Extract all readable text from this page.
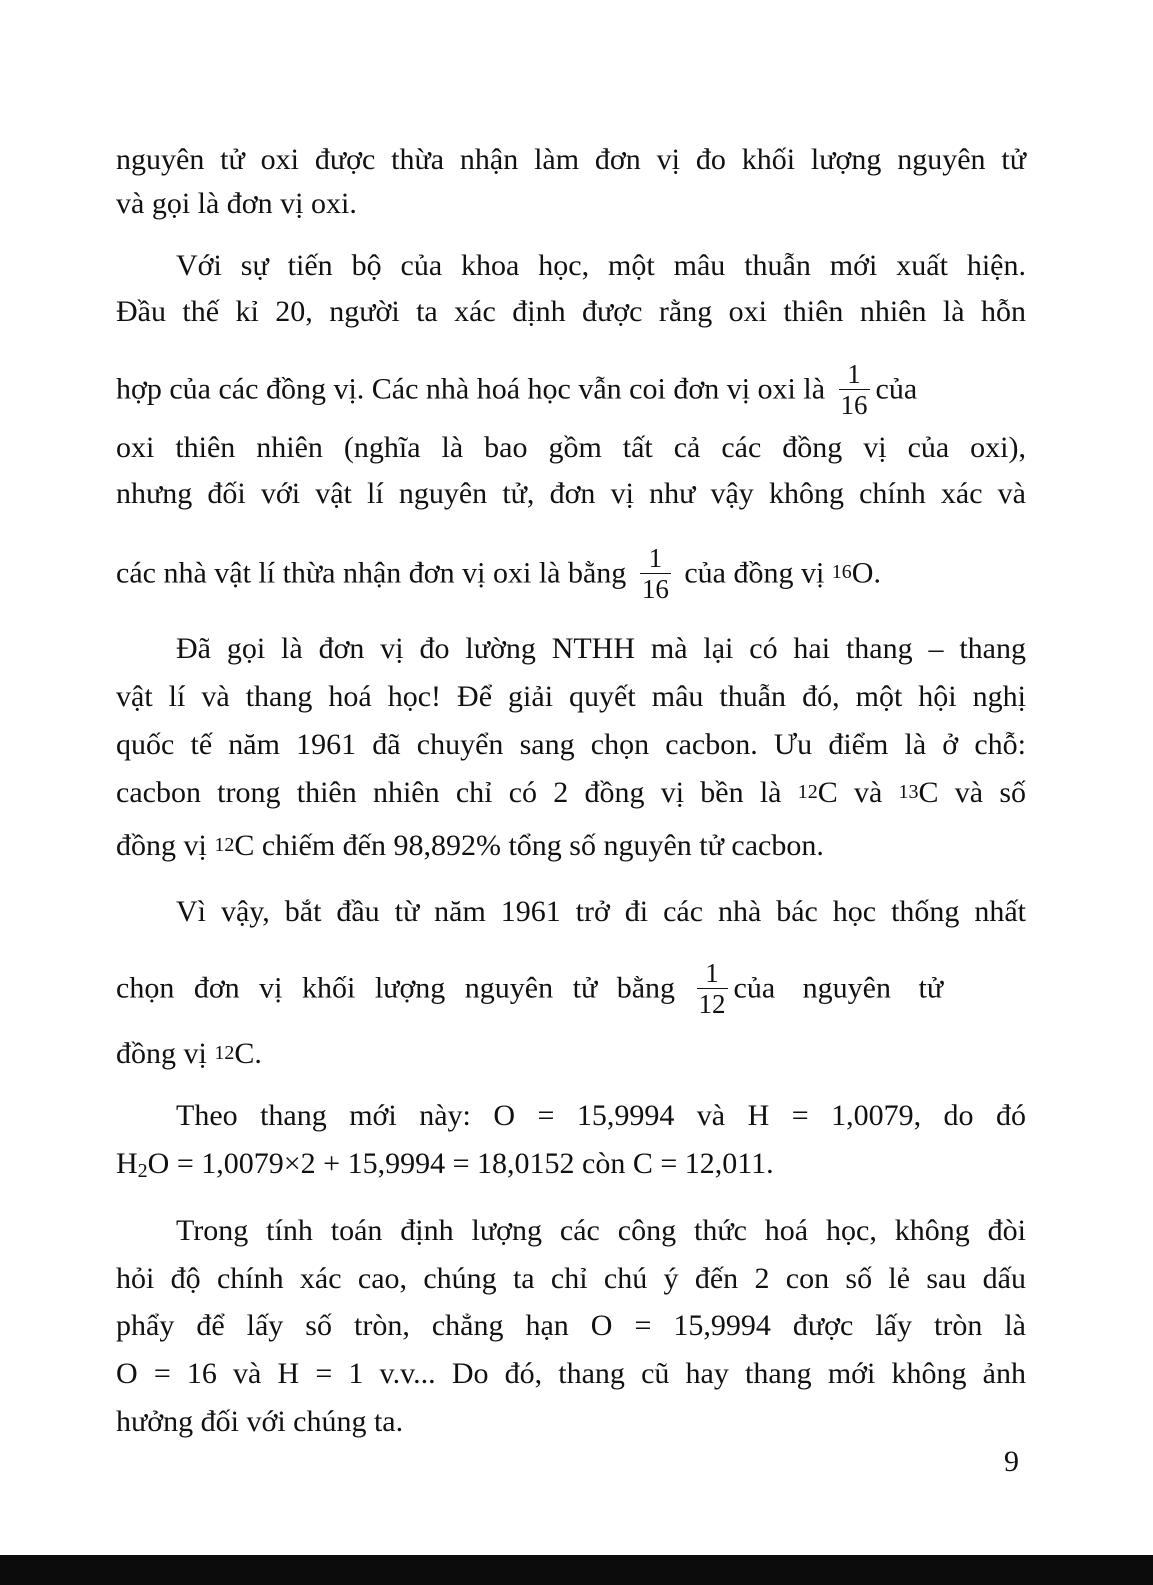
nguyên tử oxi được thừa nhận làm đơn vị đo khối lượng nguyên tử
và gọi là đơn vị oxi.
Với sự tiến bộ của khoa học, một mâu thuẫn mới xuất hiện.
Đầu thế kỉ 20, người ta xác định được rằng oxi thiên nhiên là hỗn
hợp của các đồng vị. Các nhà hoá học vẫn coi đơn vị oxi là $\frac{1}{16}$ của
oxi thiên nhiên (nghĩa là bao gồm tất cả các đồng vị của oxi),
nhưng đối với vật lí nguyên tử, đơn vị như vậy không chính xác và
các nhà vật lí thừa nhận đơn vị oxi là bằng $\frac{1}{16}$ của đồng vị $^{16}$O.
Đã gọi là đơn vị đo lường NTHH mà lại có hai thang – thang
vật lí và thang hoá học! Để giải quyết mâu thuẫn đó, một hội nghị
quốc tế năm 1961 đã chuyển sang chọn cacbon. Ưu điểm là ở chỗ:
cacbon trong thiên nhiên chỉ có 2 đồng vị bền là $^{12}$C và $^{13}$C và số
đồng vị $^{12}$C chiếm đến 98,892% tổng số nguyên tử cacbon.
Vì vậy, bắt đầu từ năm 1961 trở đi các nhà bác học thống nhất
chọn đơn vị khối lượng nguyên tử bằng $\frac{1}{12}$ của nguyên tử
đồng vị $^{12}$C.
Theo thang mới này: O = 15,9994 và H = 1,0079, do đó
$H_2O = 1,0079\times 2 + 15,9994 = 18,0152$ còn C = 12,011.
Trong tính toán định lượng các công thức hoá học, không đòi
hỏi độ chính xác cao, chúng ta chỉ chú ý đến 2 con số lẻ sau dấu
phẩy để lấy số tròn, chẳng hạn O = 15,9994 được lấy tròn là
O = 16 và H = 1 v.v... Do đó, thang cũ hay thang mới không ảnh
hưởng đối với chúng ta.
9
